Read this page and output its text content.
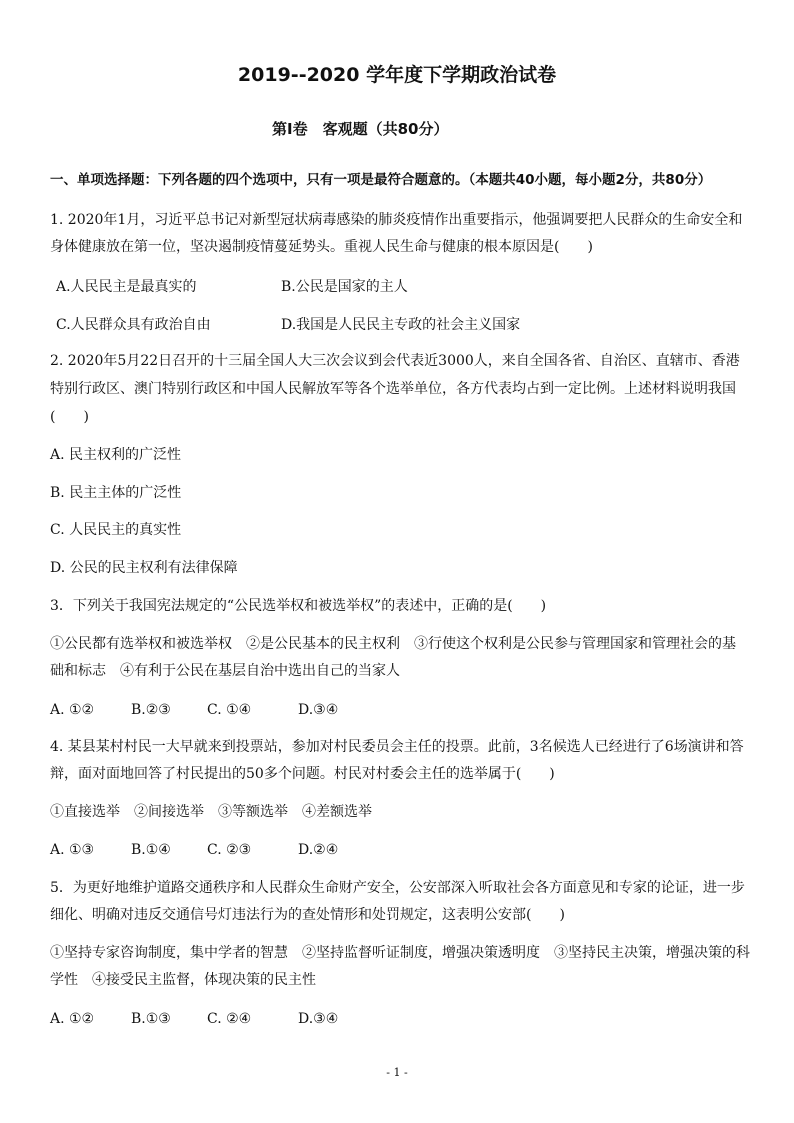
2019--2020 学年度下学期政治试卷
第I卷　客观题（共80分）
一、单项选择题：下列各题的四个选项中，只有一项是最符合题意的。（本题共40小题，每小题2分，共80分）
1. 2020年1月，习近平总书记对新型冠状病毒感染的肺炎疫情作出重要指示，他强调要把人民群众的生命安全和
身体健康放在第一位，坚决遏制疫情蔓延势头。重视人民生命与健康的根本原因是(　　)
A.人民民主是最真实的	B.公民是国家的主人
C.人民群众具有政治自由	D.我国是人民民主专政的社会主义国家
2. 2020年5月22日召开的十三届全国人大三次会议到会代表近3000人，来自全国各省、自治区、直辖市、香港
特别行政区、澳门特别行政区和中国人民解放军等各个选举单位，各方代表均占到一定比例。上述材料说明我国
(　　)
A. 民主权利的广泛性
B. 民主主体的广泛性
C. 人民民主的真实性
D. 公民的民主权利有法律保障
3．下列关于我国宪法规定的“公民选举权和被选举权”的表述中，正确的是(　　)
①公民都有选举权和被选举权　②是公民基本的民主权利　③行使这个权利是公民参与管理国家和管理社会的基
础和标志　④有利于公民在基层自治中选出自己的当家人
A. ①②	B.②③	C. ①④	D.③④
4. 某县某村村民一大早就来到投票站，参加对村民委员会主任的投票。此前，3名候选人已经进行了6场演讲和答
辩，面对面地回答了村民提出的50多个问题。村民对村委会主任的选举属于(　　)
①直接选举　②间接选举　③等额选举　④差额选举
A. ①③	B.①④	C. ②③	D.②④
5．为更好地维护道路交通秩序和人民群众生命财产安全，公安部深入听取社会各方面意见和专家的论证，进一步
细化、明确对违反交通信号灯违法行为的查处情形和处罚规定，这表明公安部(　　)
①坚持专家咨询制度，集中学者的智慧　②坚持监督听证制度，增强决策透明度　③坚持民主决策，增强决策的科
学性　④接受民主监督，体现决策的民主性
A. ①②	B.①③	C. ②④	D.③④
- 1 -
